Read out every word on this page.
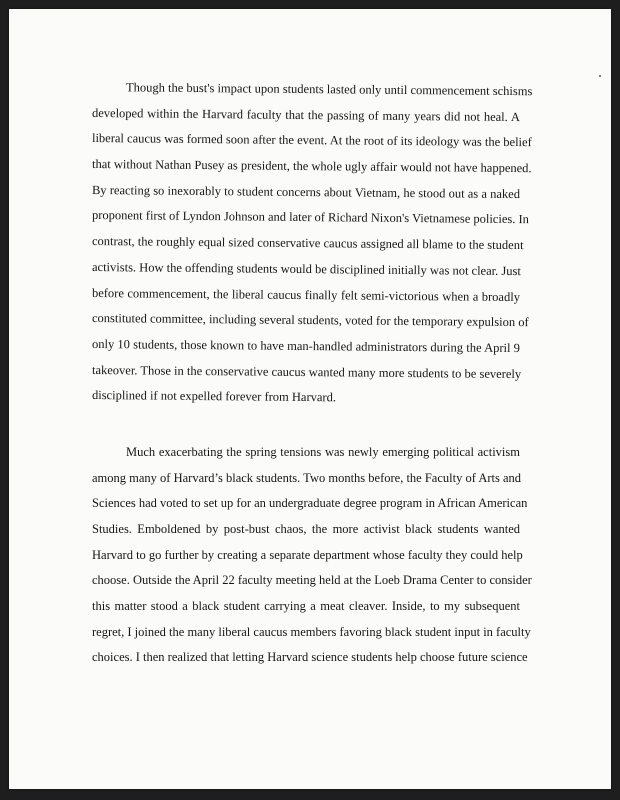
Though the bust's impact upon students lasted only until commencement schisms
developed within the Harvard faculty that the passing of many years did not heal. A
liberal caucus was formed soon after the event. At the root of its ideology was the belief
that without Nathan Pusey as president, the whole ugly affair would not have happened.
By reacting so inexorably to student concerns about Vietnam, he stood out as a naked
proponent first of Lyndon Johnson and later of Richard Nixon's Vietnamese policies. In
contrast, the roughly equal sized conservative caucus assigned all blame to the student
activists. How the offending students would be disciplined initially was not clear. Just
before commencement, the liberal caucus finally felt semi-victorious when a broadly
constituted committee, including several students, voted for the temporary expulsion of
only 10 students, those known to have man-handled administrators during the April 9
takeover. Those in the conservative caucus wanted many more students to be severely
disciplined if not expelled forever from Harvard.
Much exacerbating the spring tensions was newly emerging political activism
among many of Harvard’s black students. Two months before, the Faculty of Arts and
Sciences had voted to set up for an undergraduate degree program in African American
Studies. Emboldened by post-bust chaos, the more activist black students wanted
Harvard to go further by creating a separate department whose faculty they could help
choose. Outside the April 22 faculty meeting held at the Loeb Drama Center to consider
this matter stood a black student carrying a meat cleaver. Inside, to my subsequent
regret, I joined the many liberal caucus members favoring black student input in faculty
choices. I then realized that letting Harvard science students help choose future science
